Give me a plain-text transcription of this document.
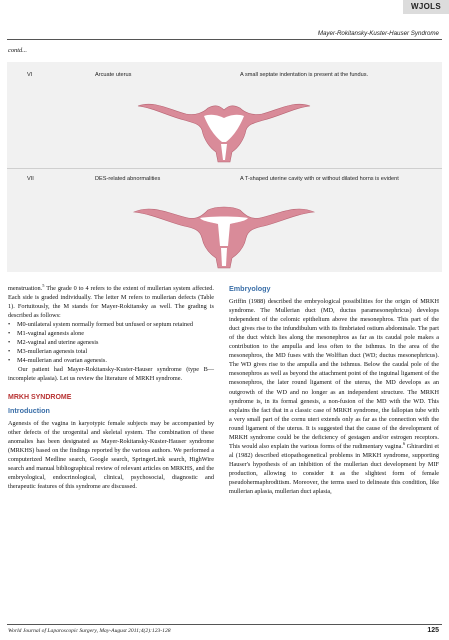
WJOLS
Mayer-Rokitansky-Kuster-Hauser Syndrome
contd...
VI	Arcuate uterus	A small septate indentation is present at the fundus.
VII	DES-related abnormalities	A T-shaped uterine cavity with or without dilated horns is evident

menstruation.$^5$ The grade 0 to 4 refers to the extent of mullerian system affected. Each side is graded individually. The letter M refers to mullerian defects (Table 1). Fortuitously, the M stands for Mayer-Rokitansky as well. The grading is described as follows:

• M0-unilateral system normally formed but unfused or septum retained
• M1-vaginal agenesis alone
• M2-vaginal and uterine agenesis
• M3-mullerian agenesis total
• M4-mullerian and ovarian agenesis.

Our patient had Mayer-Rokitansky-Kuster-Hauser syndrome (type B—incomplete aplasia). Let us review the literature of MRKH syndrome.

MRKH SYNDROME
Introduction

Agenesis of the vagina in karyotypic female subjects may be accompanied by other defects of the urogenital and skeletal system. The combination of these anomalies has been designated as Mayer-Rokitansky-Kuster-Hauser syndrome (MRKHS) based on the findings reported by the various authors. We performed a computerized Medline search, Google search, SpringerLink search, HighWire search and manual bibliographical review of relevant articles on MRKHS, and the embryological, endocrinological, clinical, psychosocial, diagnostic and therapeutic features of this syndrome are discussed.

Embryology

Griffin (1988) described the embryological possibilities for the origin of MRKH syndrome. The Mullerian duct (MD, ductus paramesonephricus) develops independent of the celomic epithelium above the mesonephros. This part of the duct gives rise to the infundibulum with its fimbriated ostium abdominale. The part of the duct which lies along the mesonephros as far as its caudal pole makes a contribution to the ampulla and less often to the isthmus. In the area of the mesonephros, the MD fuses with the Wolffian duct (WD; ductus mesonephricus). The WD gives rise to the ampulla and the isthmus. Below the caudal pole of the mesonephros as well as beyond the attachment point of the inguinal ligament of the mesonephros, the later round ligament of the uterus, the MD develops as an outgrowth of the WD and no longer as an independent structure. The MRKH syndrome is, in its formal genesis, a non-fusion of the MD with the WD. This explains the fact that in a classic case of MRKH syndrome, the fallopian tube with a very small part of the cornu uteri extends only as far as the connection with the round ligament of the uterus. It is suggested that the cause of the development of MRKH syndrome could be the deficiency of gestagen and/or estrogen receptors. This would also explain the various forms of the rudimentary vagina.$^6$ Ghirardini et al (1982) described etiopathogenetical problems in MRKH syndrome, supporting Hauser's hypothesis of an inhibition of the mullerian duct development by MIF production, allowing to consider it as the slightest form of female pseudohermaphroditism. Moreover, the terms used to delineate this condition, like mullerian aplasia, mullerian duct aplasia,

World Journal of Laparoscopic Surgery, May-August 2011;4(2):123-128	125
